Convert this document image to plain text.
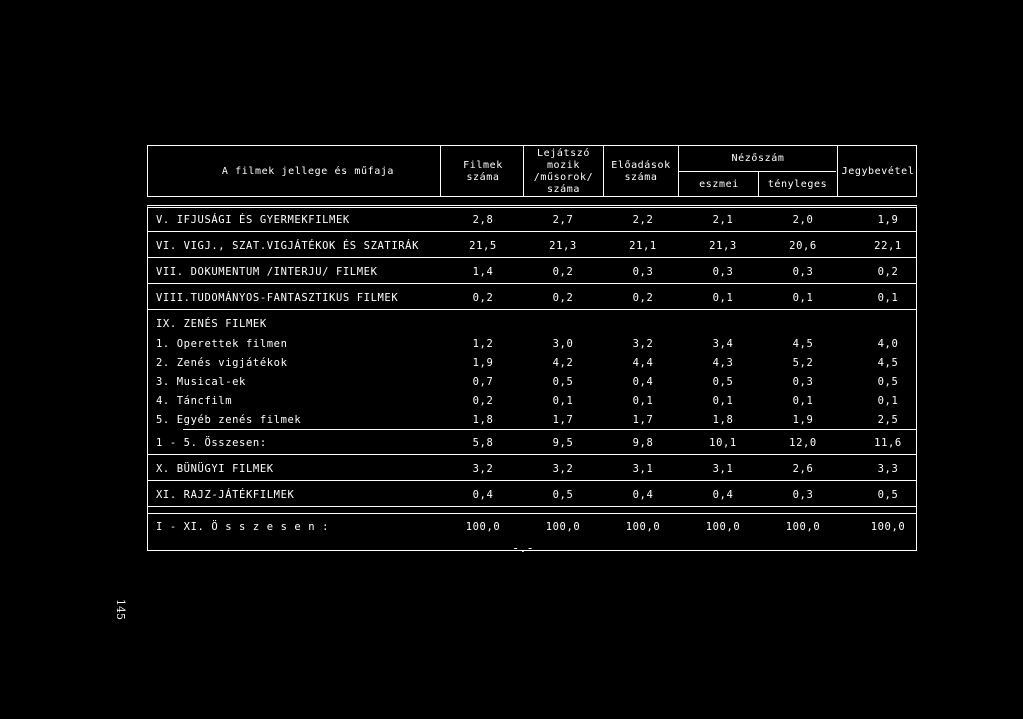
A filmek jellege és műfaja
Filmek
száma
Lejátszó
mozik
/műsorok/
száma
Előadások
száma
Nézőszám
eszmei	tényleges
Jegybevétel
V. IFJUSÁGI ÉS GYERMEKFILMEK	2,8	2,7	2,2	2,1	2,0	1,9
VI. VIGJ., SZAT.VIGJÁTÉKOK ÉS SZATIRÁK	21,5	21,3	21,1	21,3	20,6	22,1
VII. DOKUMENTUM /INTERJU/ FILMEK	1,4	0,2	0,3	0,3	0,3	0,2
VIII.TUDOMÁNYOS-FANTASZTIKUS FILMEK	0,2	0,2	0,2	0,1	0,1	0,1
IX. ZENÉS FILMEK
1. Operettek filmen	1,2	3,0	3,2	3,4	4,5	4,0
2. Zenés vigjátékok	1,9	4,2	4,4	4,3	5,2	4,5
3. Musical-ek	0,7	0,5	0,4	0,5	0,3	0,5
4. Táncfilm	0,2	0,1	0,1	0,1	0,1	0,1
5. Egyéb zenés filmek	1,8	1,7	1,7	1,8	1,9	2,5
1 - 5. Összesen:	5,8	9,5	9,8	10,1	12,0	11,6
X. BÜNÜGYI FILMEK	3,2	3,2	3,1	3,1	2,6	3,3
XI. RAJZ-JÁTÉKFILMEK	0,4	0,5	0,4	0,4	0,3	0,5
I - XI. Ö s s z e s e n :	100,0	100,0	100,0	100,0	100,0	100,0
-.-
145
